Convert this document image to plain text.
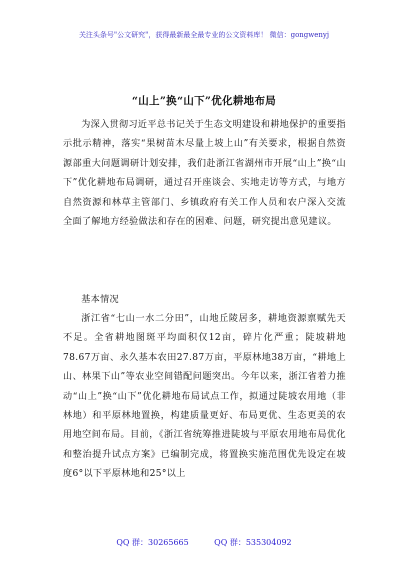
关注头条号"公文研究"，获得最新最全最专业的公文资料库！ 微信：gongwenyj
“山上”换“山下”优化耕地布局

为深入贯彻习近平总书记关于生态文明建设和耕地保护的重要指示批示精神，落实“果树苗木尽量上坡上山”有关要求，根据自然资源部重大问题调研计划安排，我们赴浙江省湖州市开展“山上”换“山下”优化耕地布局调研，通过召开座谈会、实地走访等方式，与地方自然资源和林草主管部门、乡镇政府有关工作人员和农户深入交流全面了解地方经验做法和存在的困难、问题，研究提出意见建议。

基本情况

浙江省“七山一水二分田”，山地丘陵居多，耕地资源禀赋先天不足。全省耕地图斑平均面积仅12亩，碎片化严重；陡坡耕地78.67万亩、永久基本农田27.87万亩，平原林地38万亩，“耕地上山、林果下山”等农业空间错配问题突出。今年以来，浙江省着力推动“山上”换“山下”优化耕地布局试点工作，拟通过陡坡农用地（非林地）和平原林地置换，构建质量更好、布局更优、生态更美的农用地空间布局。目前，《浙江省统筹推进陡坡与平原农用地布局优化和整治提升试点方案》已编制完成，将置换实施范围优先设定在坡度6°以下平原林地和25°以上

QQ 群：30265665          QQ 群：535304092
